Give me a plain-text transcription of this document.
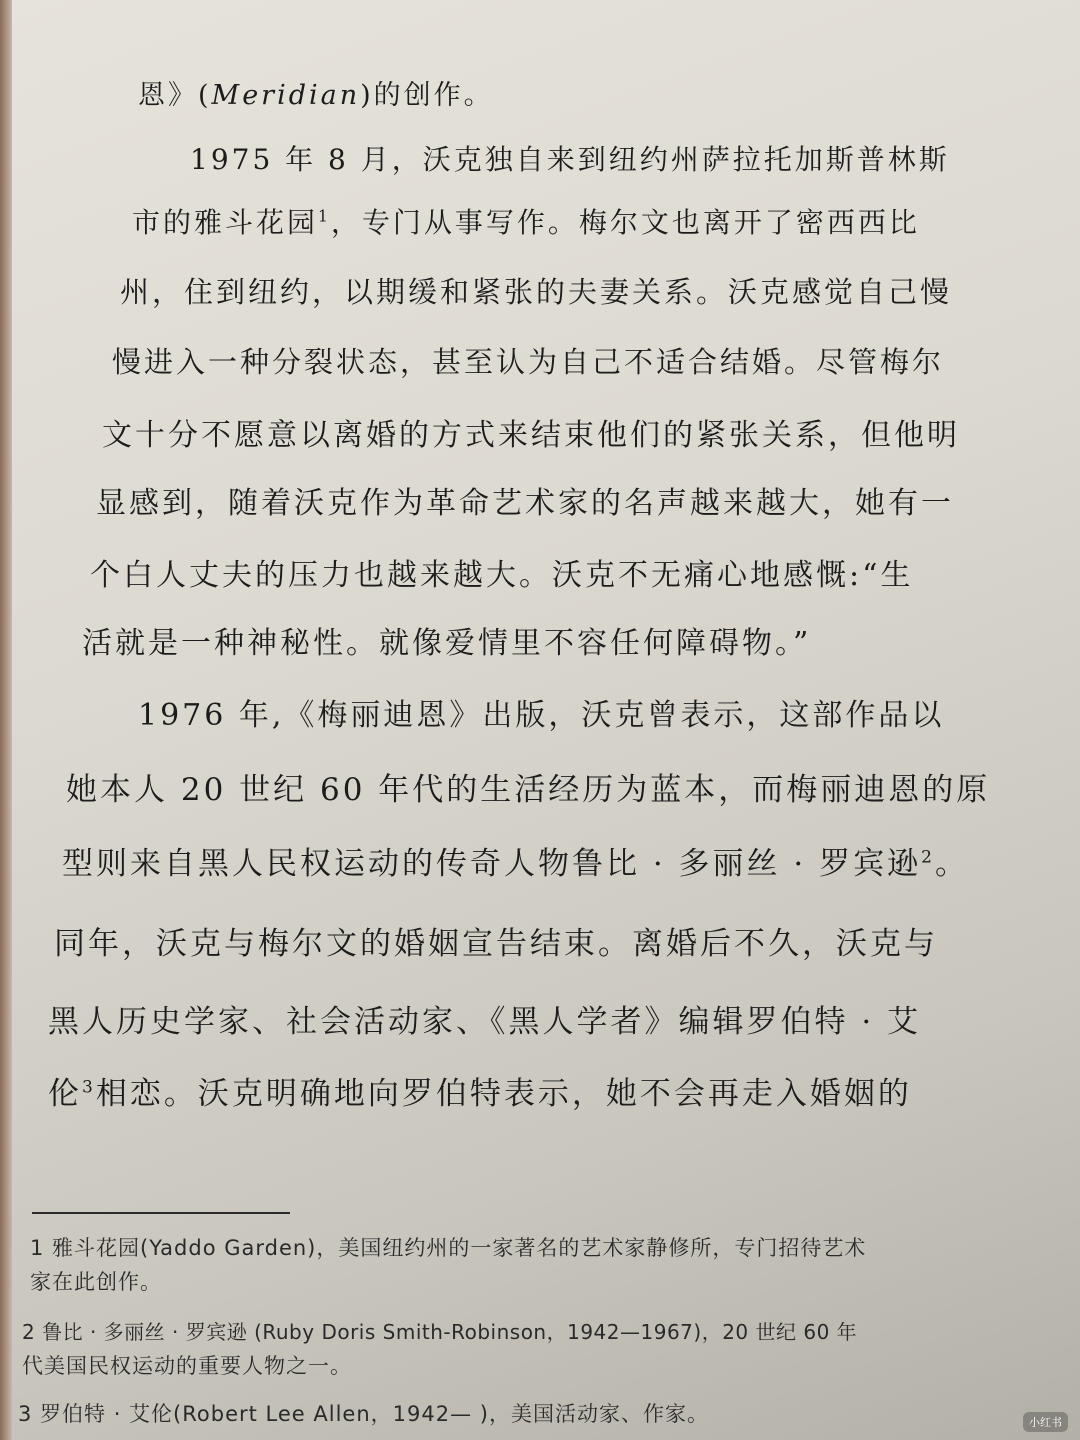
恩》(Meridian)的创作。
1975 年 8 月，沃克独自来到纽约州萨拉托加斯普林斯
市的雅斗花园$^1$，专门从事写作。梅尔文也离开了密西西比
州，住到纽约，以期缓和紧张的夫妻关系。沃克感觉自己慢
慢进入一种分裂状态，甚至认为自己不适合结婚。尽管梅尔
文十分不愿意以离婚的方式来结束他们的紧张关系，但他明
显感到，随着沃克作为革命艺术家的名声越来越大，她有一
个白人丈夫的压力也越来越大。沃克不无痛心地感慨:“生
活就是一种神秘性。就像爱情里不容任何障碍物。”
1976 年,《梅丽迪恩》出版，沃克曾表示，这部作品以
她本人 20 世纪 60 年代的生活经历为蓝本，而梅丽迪恩的原
型则来自黑人民权运动的传奇人物鲁比 · 多丽丝 · 罗宾逊$^2$。
同年，沃克与梅尔文的婚姻宣告结束。离婚后不久，沃克与
黑人历史学家、社会活动家、《黑人学者》编辑罗伯特 · 艾
伦$^3$相恋。沃克明确地向罗伯特表示，她不会再走入婚姻的
1 雅斗花园(Yaddo Garden)，美国纽约州的一家著名的艺术家静修所，专门招待艺术
家在此创作。
2 鲁比 · 多丽丝 · 罗宾逊 (Ruby Doris Smith-Robinson，1942—1967)，20 世纪 60 年
代美国民权运动的重要人物之一。
3 罗伯特 · 艾伦(Robert Lee Allen，1942— )，美国活动家、作家。	小红书
